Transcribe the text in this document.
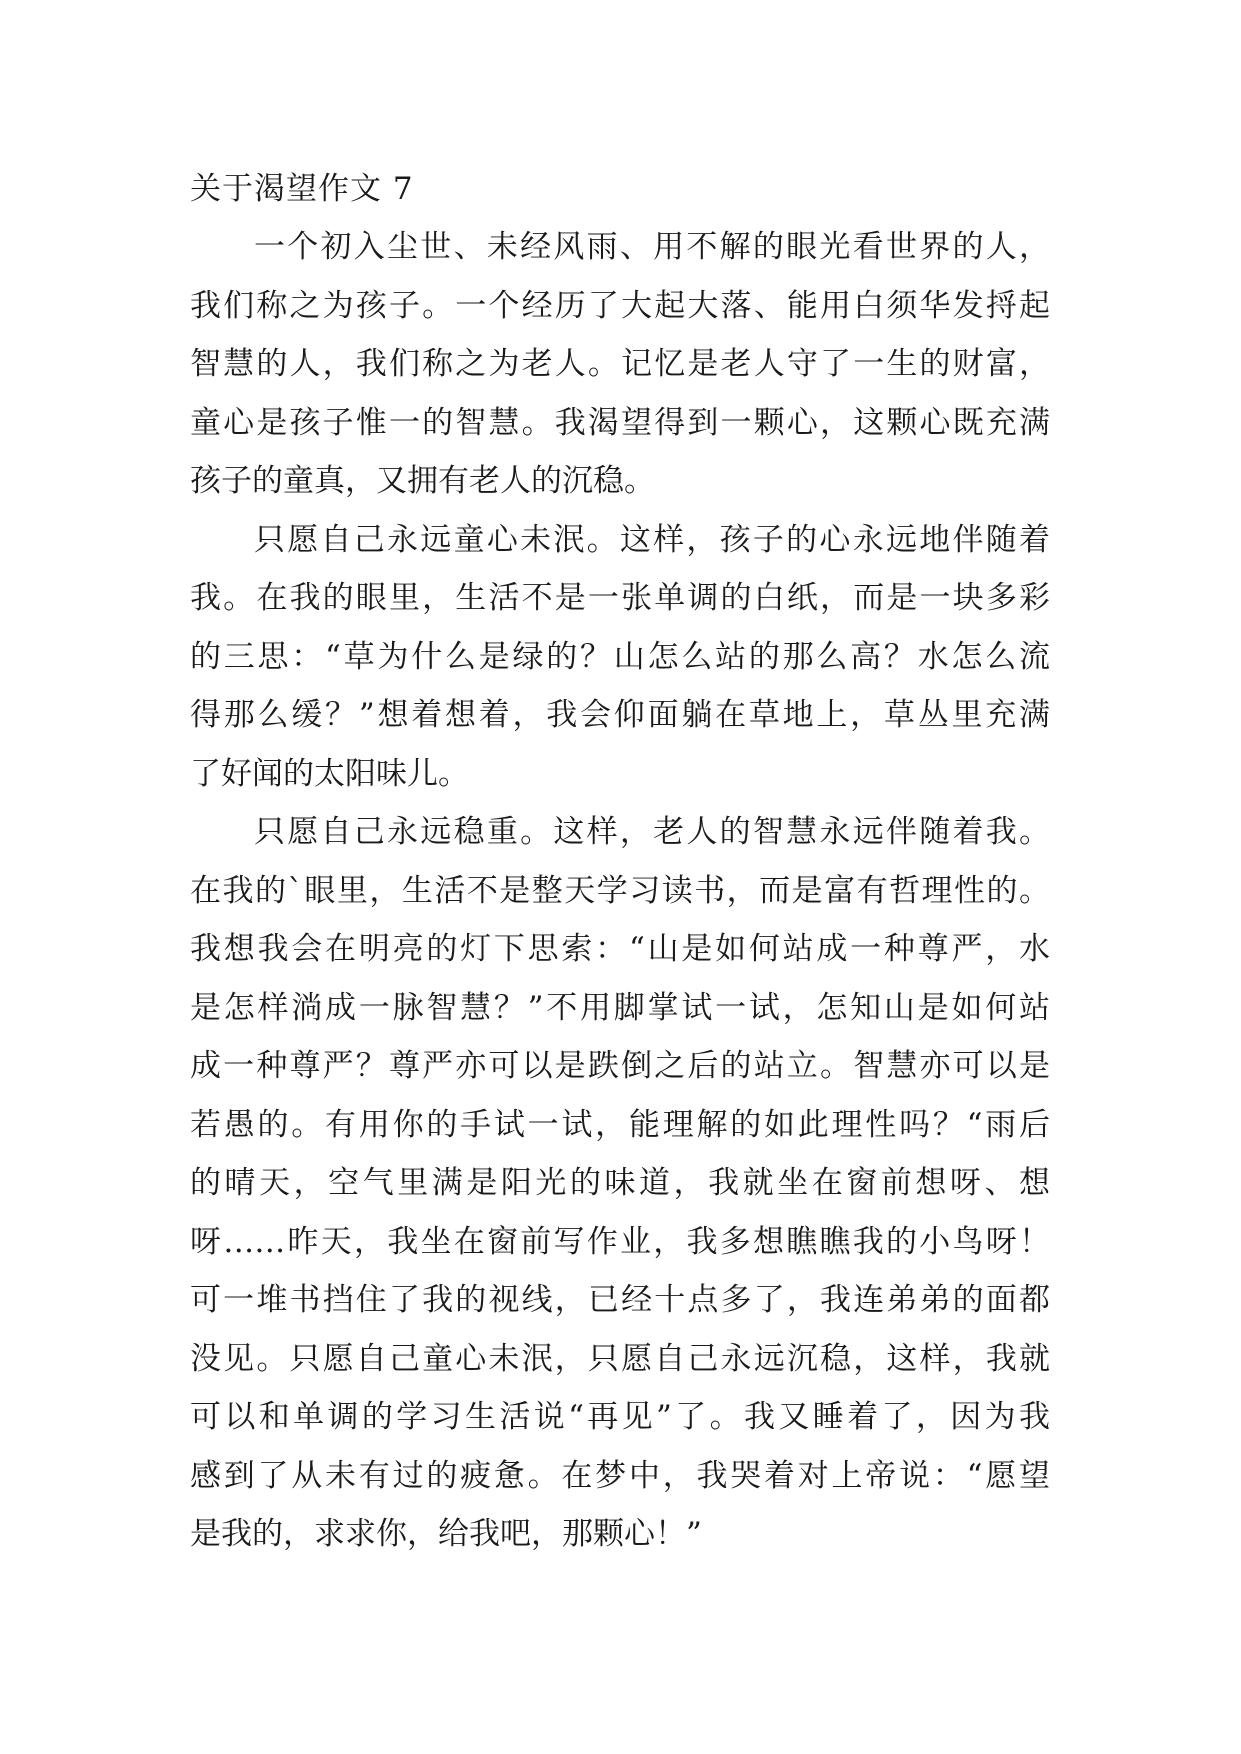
关于渴望作文 7
一个初入尘世、未经风雨、用不解的眼光看世界的人，
我们称之为孩子。一个经历了大起大落、能用白须华发捋起
智慧的人，我们称之为老人。记忆是老人守了一生的财富，
童心是孩子惟一的智慧。我渴望得到一颗心，这颗心既充满
孩子的童真，又拥有老人的沉稳。
只愿自己永远童心未泯。这样，孩子的心永远地伴随着
我。在我的眼里，生活不是一张单调的白纸，而是一块多彩
的三思：“草为什么是绿的？山怎么站的那么高？水怎么流
得那么缓？”想着想着，我会仰面躺在草地上，草丛里充满
了好闻的太阳味儿。
只愿自己永远稳重。这样，老人的智慧永远伴随着我。
在我的`眼里，生活不是整天学习读书，而是富有哲理性的。
我想我会在明亮的灯下思索：“山是如何站成一种尊严，水
是怎样淌成一脉智慧？”不用脚掌试一试，怎知山是如何站
成一种尊严？尊严亦可以是跌倒之后的站立。智慧亦可以是
若愚的。有用你的手试一试，能理解的如此理性吗？“雨后
的晴天，空气里满是阳光的味道，我就坐在窗前想呀、想
呀……昨天，我坐在窗前写作业，我多想瞧瞧我的小鸟呀！
可一堆书挡住了我的视线，已经十点多了，我连弟弟的面都
没见。只愿自己童心未泯，只愿自己永远沉稳，这样，我就
可以和单调的学习生活说“再见”了。我又睡着了，因为我
感到了从未有过的疲惫。在梦中，我哭着对上帝说：“愿望
是我的，求求你，给我吧，那颗心！”
